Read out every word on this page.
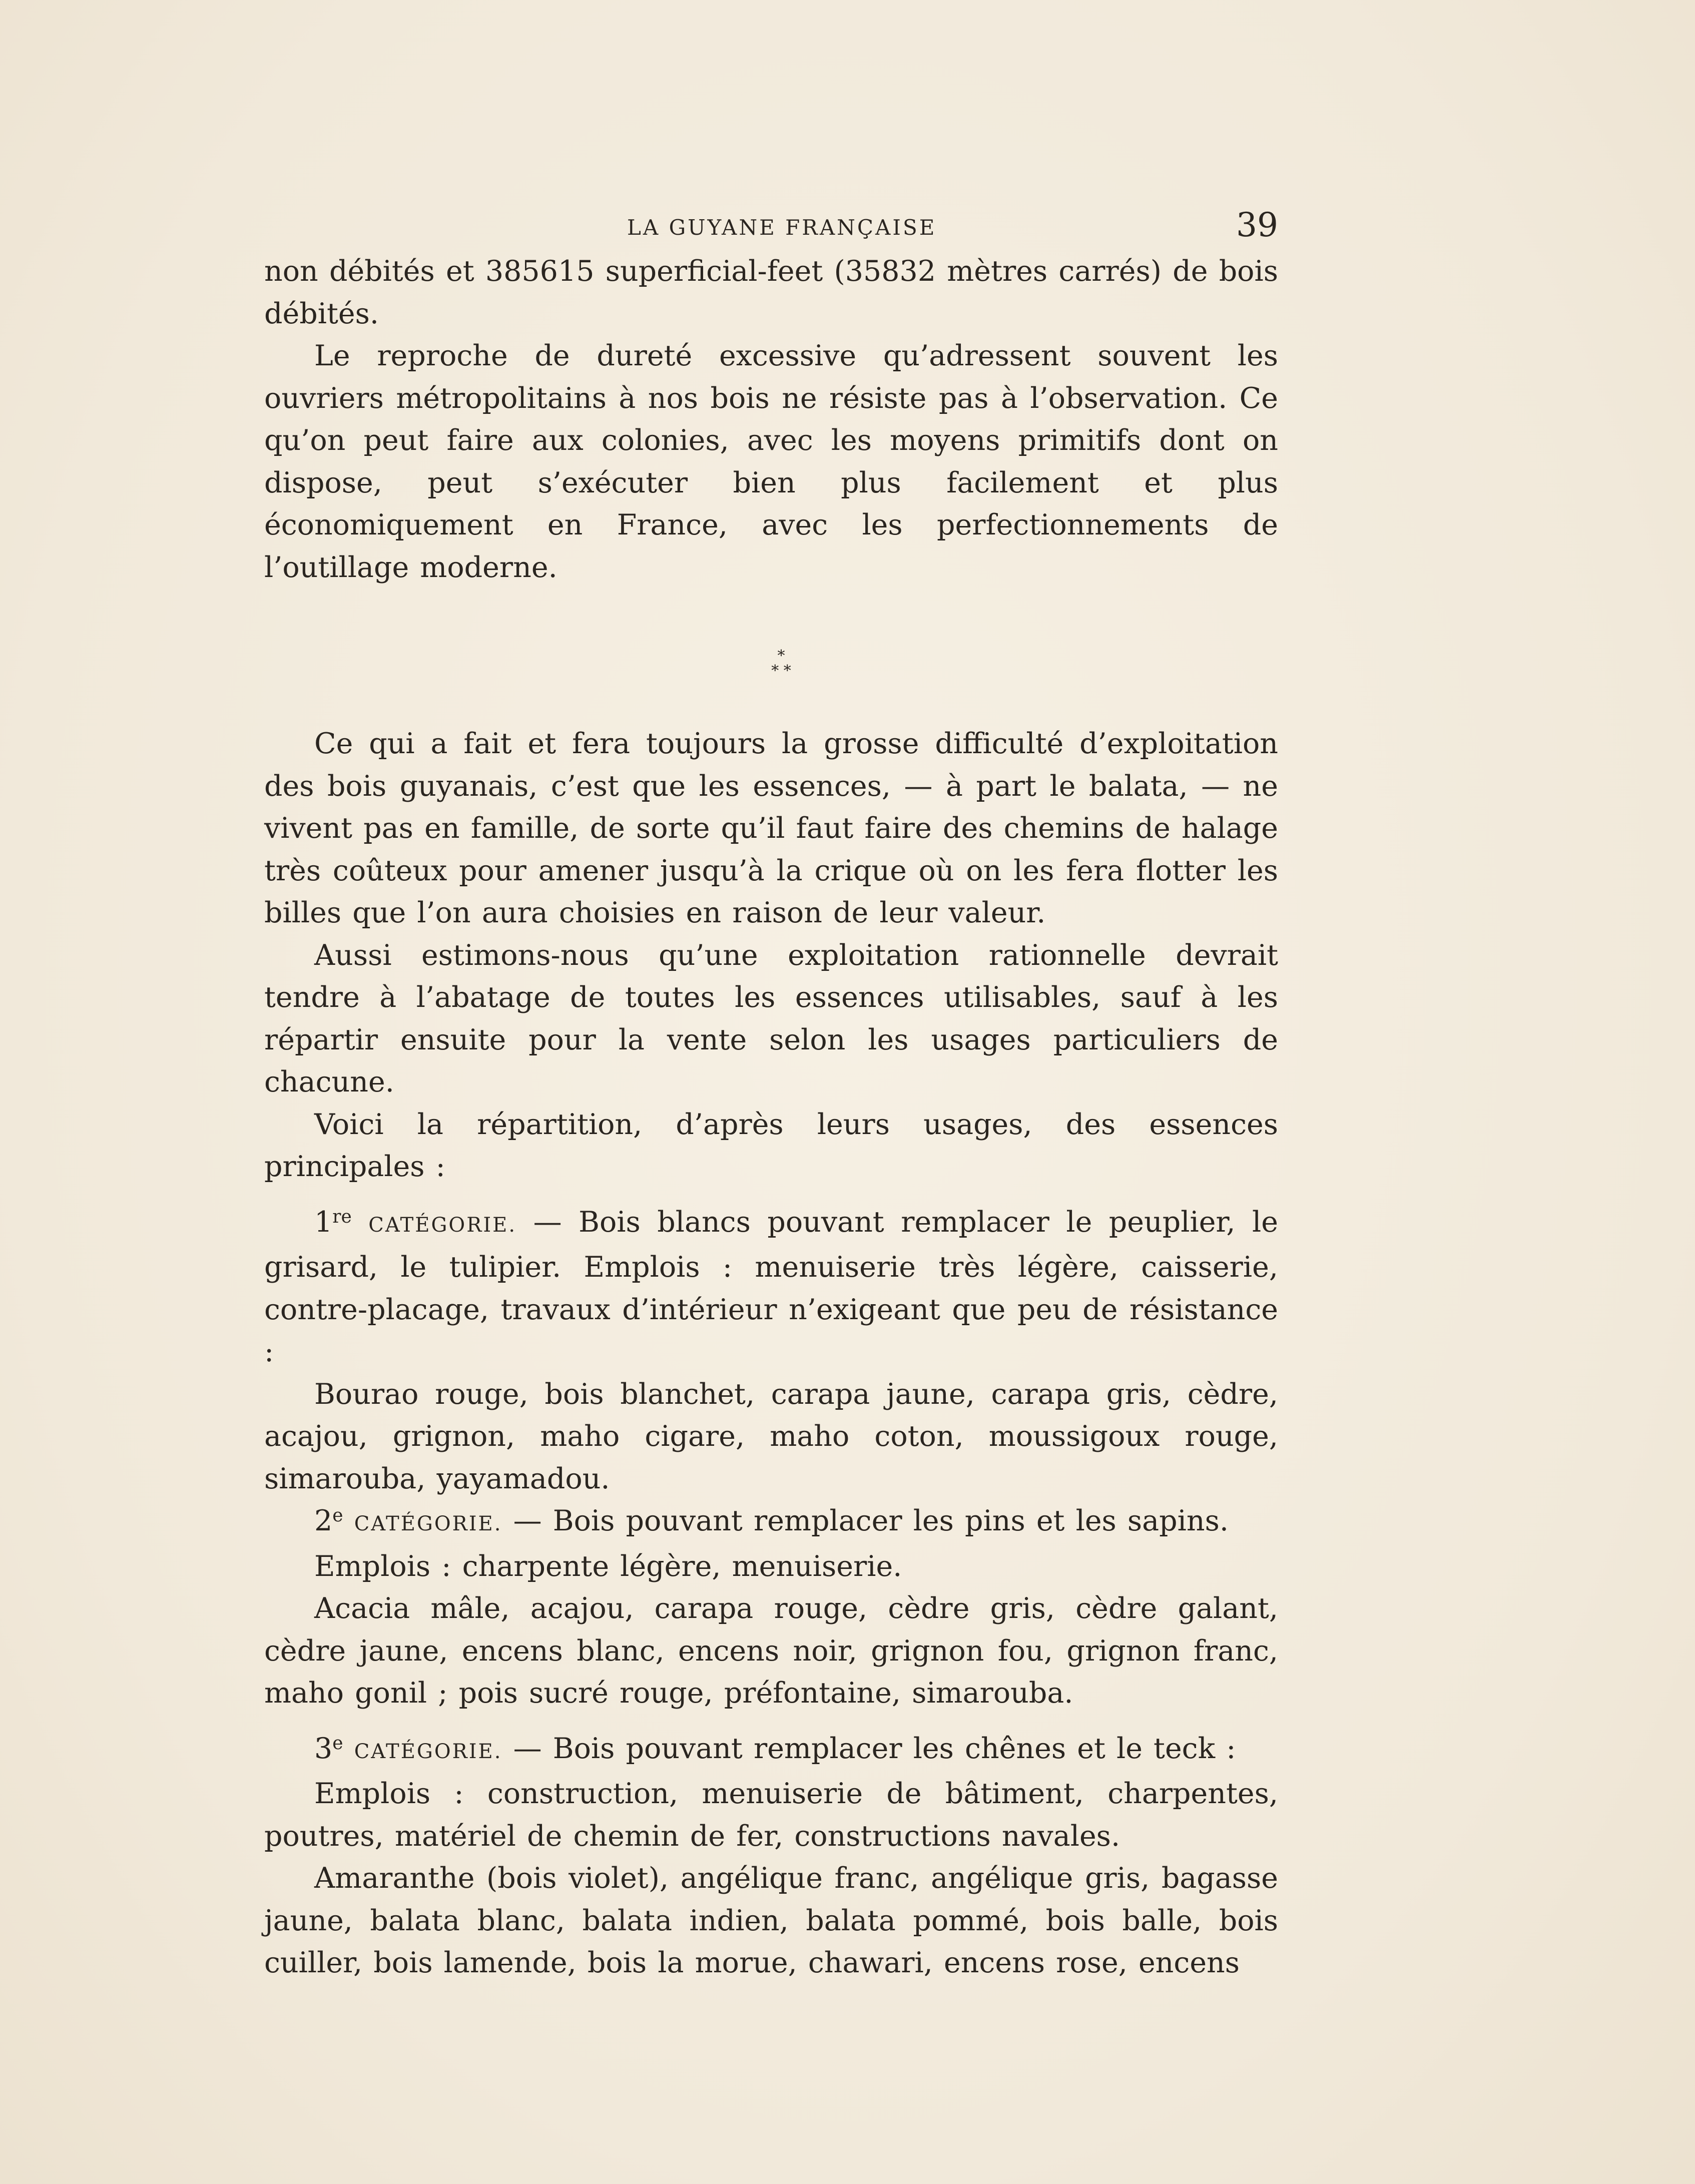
LA GUYANE FRANÇAISE	39

non débités et 385615 superficial-feet (35832 mètres carrés) de bois débités.

Le reproche de dureté excessive qu’adressent souvent les ouvriers métropolitains à nos bois ne résiste pas à l’observation. Ce qu’on peut faire aux colonies, avec les moyens primitifs dont on dispose, peut s’exécuter bien plus facilement et plus économiquement en France, avec les perfectionnements de l’outillage moderne.

*
* *

Ce qui a fait et fera toujours la grosse difficulté d’exploitation des bois guyanais, c’est que les essences, — à part le balata, — ne vivent pas en famille, de sorte qu’il faut faire des chemins de halage très coûteux pour amener jusqu’à la crique où on les fera flotter les billes que l’on aura choisies en raison de leur valeur.

Aussi estimons-nous qu’une exploitation rationnelle devrait tendre à l’abatage de toutes les essences utilisables, sauf à les répartir ensuite pour la vente selon les usages particuliers de chacune.

Voici la répartition, d’après leurs usages, des essences principales :

1re CATÉGORIE. — Bois blancs pouvant remplacer le peuplier, le grisard, le tulipier. Emplois : menuiserie très légère, caisserie, contre-placage, travaux d’intérieur n’exigeant que peu de résistance :

Bourao rouge, bois blanchet, carapa jaune, carapa gris, cèdre, acajou, grignon, maho cigare, maho coton, moussigoux rouge, simarouba, yayamadou.

2e CATÉGORIE. — Bois pouvant remplacer les pins et les sapins.

Emplois : charpente légère, menuiserie.

Acacia mâle, acajou, carapa rouge, cèdre gris, cèdre galant, cèdre jaune, encens blanc, encens noir, grignon fou, grignon franc, maho gonil ; pois sucré rouge, préfontaine, simarouba.

3e CATÉGORIE. — Bois pouvant remplacer les chênes et le teck :

Emplois : construction, menuiserie de bâtiment, charpentes, poutres, matériel de chemin de fer, constructions navales.

Amaranthe (bois violet), angélique franc, angélique gris, bagasse jaune, balata blanc, balata indien, balata pommé, bois balle, bois cuiller, bois lamende, bois la morue, chawari, encens rose, encens
